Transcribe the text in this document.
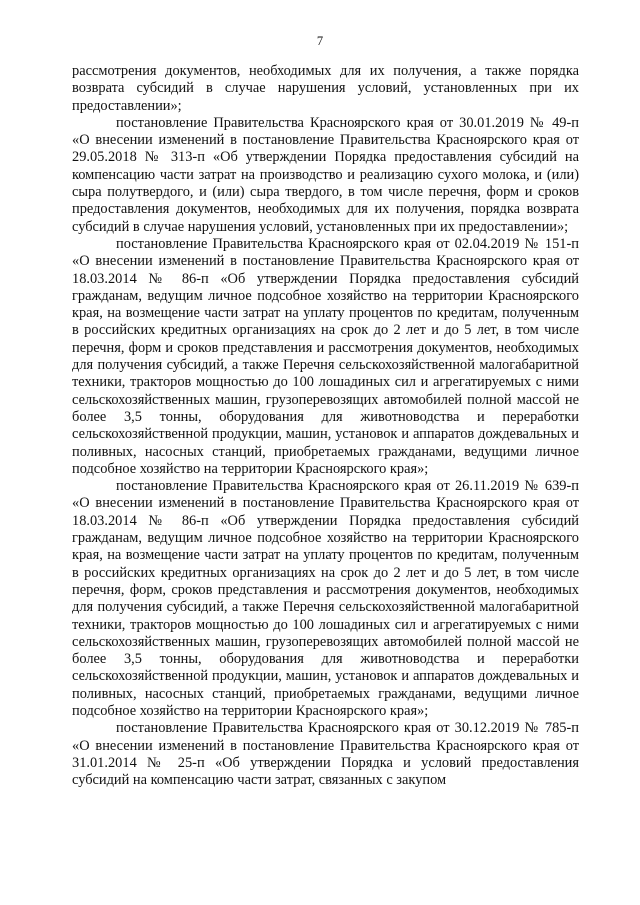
7

рассмотрения документов, необходимых для их получения, а также порядка возврата субсидий в случае нарушения условий, установленных при их предоставлении»;

постановление Правительства Красноярского края от 30.01.2019 № 49-п «О внесении изменений в постановление Правительства Красноярского края от 29.05.2018 № 313-п «Об утверждении Порядка предоставления субсидий на компенсацию части затрат на производство и реализацию сухого молока, и (или) сыра полутвердого, и (или) сыра твердого, в том числе перечня, форм и сроков предоставления документов, необходимых для их получения, порядка возврата субсидий в случае нарушения условий, установленных при их предоставлении»;

постановление Правительства Красноярского края от 02.04.2019 № 151-п «О внесении изменений в постановление Правительства Красноярского края от 18.03.2014 № 86-п «Об утверждении Порядка предоставления субсидий гражданам, ведущим личное подсобное хозяйство на территории Красноярского края, на возмещение части затрат на уплату процентов по кредитам, полученным в российских кредитных организациях на срок до 2 лет и до 5 лет, в том числе перечня, форм и сроков представления и рассмотрения документов, необходимых для получения субсидий, а также Перечня сельскохозяйственной малогабаритной техники, тракторов мощностью до 100 лошадиных сил и агрегатируемых с ними сельскохозяйственных машин, грузоперевозящих автомобилей полной массой не более 3,5 тонны, оборудования для животноводства и переработки сельскохозяйственной продукции, машин, установок и аппаратов дождевальных и поливных, насосных станций, приобретаемых гражданами, ведущими личное подсобное хозяйство на территории Красноярского края»;

постановление Правительства Красноярского края от 26.11.2019 № 639-п «О внесении изменений в постановление Правительства Красноярского края от 18.03.2014 № 86-п «Об утверждении Порядка предоставления субсидий гражданам, ведущим личное подсобное хозяйство на территории Красноярского края, на возмещение части затрат на уплату процентов по кредитам, полученным в российских кредитных организациях на срок до 2 лет и до 5 лет, в том числе перечня, форм, сроков представления и рассмотрения документов, необходимых для получения субсидий, а также Перечня сельскохозяйственной малогабаритной техники, тракторов мощностью до 100 лошадиных сил и агрегатируемых с ними сельскохозяйственных машин, грузоперевозящих автомобилей полной массой не более 3,5 тонны, оборудования для животноводства и переработки сельскохозяйственной продукции, машин, установок и аппаратов дождевальных и поливных, насосных станций, приобретаемых гражданами, ведущими личное подсобное хозяйство на территории Красноярского края»;

постановление Правительства Красноярского края от 30.12.2019 № 785-п «О внесении изменений в постановление Правительства Красноярского края от 31.01.2014 № 25-п «Об утверждении Порядка и условий предоставления субсидий на компенсацию части затрат, связанных с закупом
